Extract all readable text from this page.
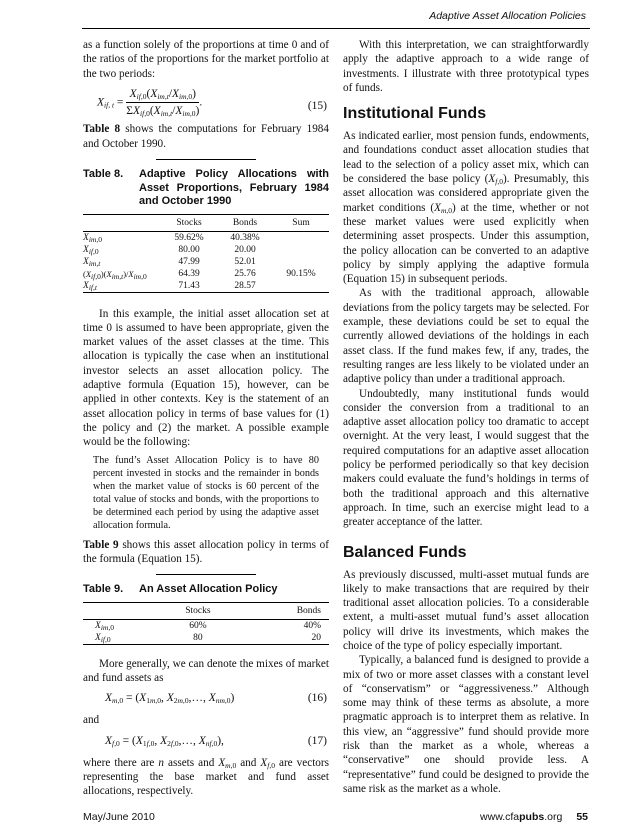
Adaptive Asset Allocation Policies

as a function solely of the proportions at time 0 and of the ratios of the proportions for the market portfolio at the two periods:

$X_{if, t} = \frac{X_{if,0}(X_{im,t}/X_{im,0})}{\Sigma X_{if,0}(X_{im,t}/X_{im,0})}$ .	(15)

Table 8 shows the computations for February 1984 and October 1990.

Table 8.	Adaptive Policy Allocations with Asset Proportions, February 1984 and October 1990
	Stocks	Bonds	Sum
$X_{im,0}$	59.62%	40.38%	
$X_{if,0}$	80.00	20.00	
$X_{im,t}$	47.99	52.01	
$(X_{if,0})(X_{im,t})/X_{im,0}$	64.39	25.76	90.15%
$X_{if,t}$	71.43	28.57	

In this example, the initial asset allocation set at time 0 is assumed to have been appropriate, given the market values of the asset classes at the time. This allocation is typically the case when an institutional investor selects an asset allocation policy. The adaptive formula (Equation 15), however, can be applied in other contexts. Key is the statement of an asset allocation policy in terms of base values for (1) the policy and (2) the market. A possible example would be the following:

The fund’s Asset Allocation Policy is to have 80 percent invested in stocks and the remainder in bonds when the market value of stocks is 60 percent of the total value of stocks and bonds, with the proportions to be determined each period by using the adaptive asset allocation formula.

Table 9 shows this asset allocation policy in terms of the formula (Equation 15).

Table 9.	An Asset Allocation Policy
	Stocks	Bonds
$X_{im,0}$	60%	40%
$X_{if,0}$	80	20

More generally, we can denote the mixes of market and fund assets as

$X_{m,0} = (X_{1m,0}$, $X_{2m,0},\dots$, $X_{nm,0}$)	(16)

and

$X_{f,0} = (X_{1f,0}$, $X_{2f,0},\dots$, $X_{nf,0}$),	(17)

where there are n assets and $X_{m,0}$ and $X_{f,0}$ are vectors representing the base market and fund asset allocations, respectively.

With this interpretation, we can straightforwardly apply the adaptive approach to a wide range of investments. I illustrate with three prototypical types of funds.

Institutional Funds

As indicated earlier, most pension funds, endowments, and foundations conduct asset allocation studies that lead to the selection of a policy asset mix, which can be considered the base policy $(X_{f,0})$. Presumably, this asset allocation was considered appropriate given the market conditions $(X_{m,0})$ at the time, whether or not these market values were used explicitly when determining asset prospects. Under this assumption, the policy allocation can be converted to an adaptive policy by simply applying the adaptive formula (Equation 15) in subsequent periods.

As with the traditional approach, allowable deviations from the policy targets may be selected. For example, these deviations could be set to equal the currently allowed deviations of the holdings in each asset class. If the fund makes few, if any, trades, the resulting ranges are less likely to be violated under an adaptive policy than under a traditional approach.

Undoubtedly, many institutional funds would consider the conversion from a traditional to an adaptive asset allocation policy too dramatic to accept overnight. At the very least, I would suggest that the required computations for an adaptive asset allocation policy be performed periodically so that key decision makers could evaluate the fund’s holdings in terms of both the traditional approach and this alternative approach. In time, such an exercise might lead to a greater acceptance of the latter.

Balanced Funds

As previously discussed, multi-asset mutual funds are likely to make transactions that are required by their traditional asset allocation policies. To a considerable extent, a multi-asset mutual fund’s asset allocation policy will drive its investments, which makes the choice of the type of policy especially important.

Typically, a balanced fund is designed to provide a mix of two or more asset classes with a constant level of “conservatism” or “aggressiveness.” Although some may think of these terms as absolute, a more pragmatic approach is to interpret them as relative. In this view, an “aggressive” fund should provide more risk than the market as a whole, whereas a “conservative” one should provide less. A “representative” fund could be designed to provide the same risk as the market as a whole.

May/June 2010	www.cfapubs.org 55
